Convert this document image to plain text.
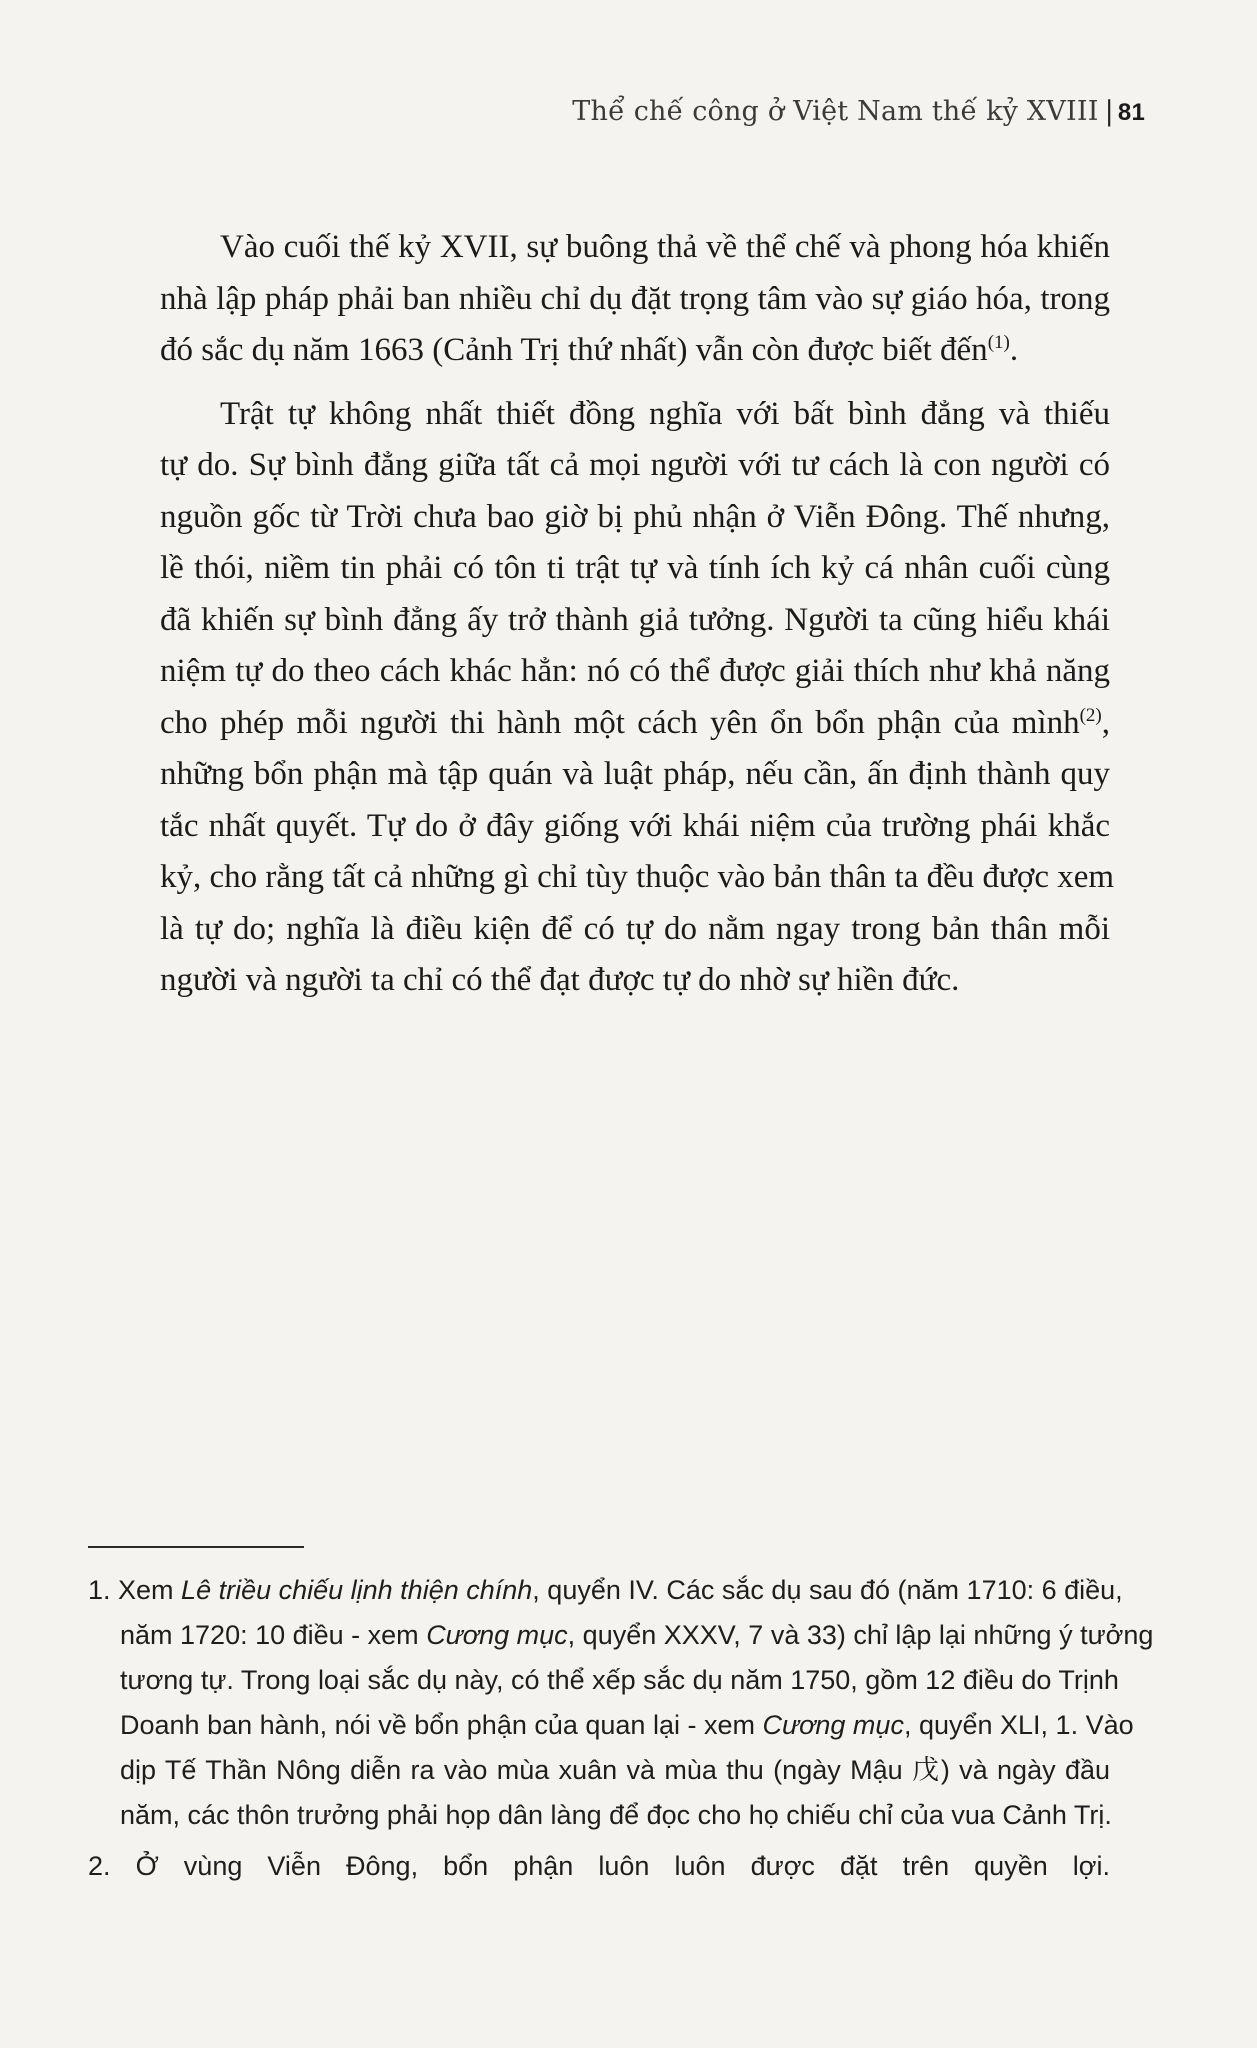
Thể chế công ở Việt Nam thế kỷ XVIII | 81

Vào cuối thế kỷ XVII, sự buông thả về thể chế và phong hóa khiến
nhà lập pháp phải ban nhiều chỉ dụ đặt trọng tâm vào sự giáo hóa, trong
đó sắc dụ năm 1663 (Cảnh Trị thứ nhất) vẫn còn được biết đến$^{(1)}$.

Trật tự không nhất thiết đồng nghĩa với bất bình đẳng và thiếu
tự do. Sự bình đẳng giữa tất cả mọi người với tư cách là con người có
nguồn gốc từ Trời chưa bao giờ bị phủ nhận ở Viễn Đông. Thế nhưng,
lề thói, niềm tin phải có tôn ti trật tự và tính ích kỷ cá nhân cuối cùng
đã khiến sự bình đẳng ấy trở thành giả tưởng. Người ta cũng hiểu khái
niệm tự do theo cách khác hẳn: nó có thể được giải thích như khả năng
cho phép mỗi người thi hành một cách yên ổn bổn phận của mình$^{(2)}$,
những bổn phận mà tập quán và luật pháp, nếu cần, ấn định thành quy
tắc nhất quyết. Tự do ở đây giống với khái niệm của trường phái khắc
kỷ, cho rằng tất cả những gì chỉ tùy thuộc vào bản thân ta đều được xem
là tự do; nghĩa là điều kiện để có tự do nằm ngay trong bản thân mỗi
người và người ta chỉ có thể đạt được tự do nhờ sự hiền đức.

1. Xem Lê triều chiếu lịnh thiện chính, quyển IV. Các sắc dụ sau đó (năm 1710: 6 điều,
năm 1720: 10 điều - xem Cương mục, quyển XXXV, 7 và 33) chỉ lập lại những ý tưởng
tương tự. Trong loại sắc dụ này, có thể xếp sắc dụ năm 1750, gồm 12 điều do Trịnh
Doanh ban hành, nói về bổn phận của quan lại - xem Cương mục, quyển XLI, 1. Vào
dịp Tế Thần Nông diễn ra vào mùa xuân và mùa thu (ngày Mậu 戊) và ngày đầu
năm, các thôn trưởng phải họp dân làng để đọc cho họ chiếu chỉ của vua Cảnh Trị.
2. Ở vùng Viễn Đông, bổn phận luôn luôn được đặt trên quyền lợi.
